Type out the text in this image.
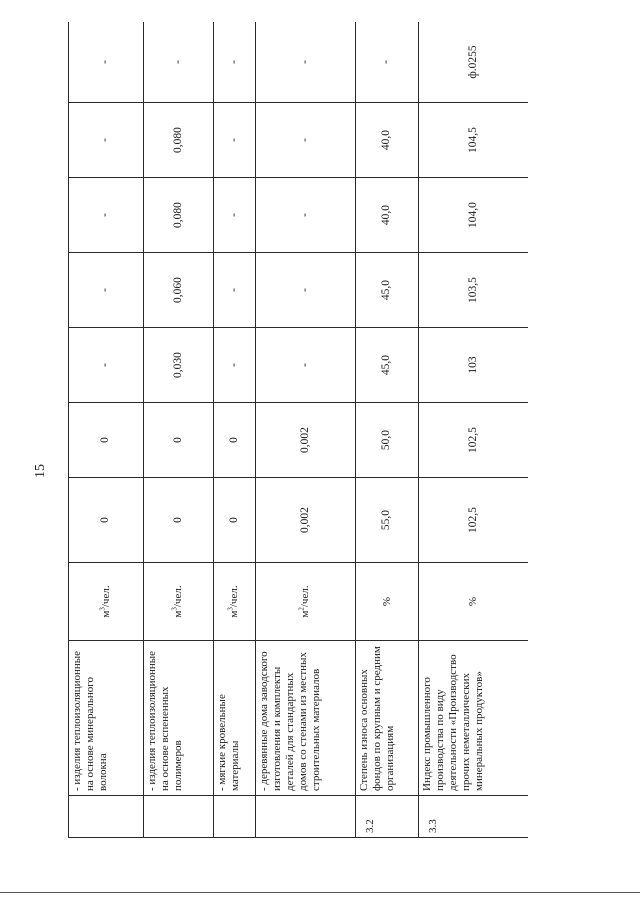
15
	- изделия теплоизоляционные на основе минерального волокна	$м^3$/чел.	0	0	-	-	-	-	-
	- изделия теплоизоляционные на основе вспененных полимеров	$м^3$/чел.	0	0	0,030	0,060	0,080	0,080	-
	- мягкие кровельные материалы	$м^3$/чел.	0	0	-	-	-	-	-
	- деревянные дома заводского изготовления и комплекты деталей для стандартных домов со стенами из местных строительных материалов	$м^2$/чел.	0,002	0,002	-	-	-	-	-
3.2	Степень износа основных фондов по крупным и средним организациям	%	55,0	50,0	45,0	45,0	40,0	40,0	-
3.3	Индекс промышленного производства по виду деятельности «Производство прочих неметаллических минеральных продуктов»	%	102,5	102,5	103	103,5	104,0	104,5	ф.0255
